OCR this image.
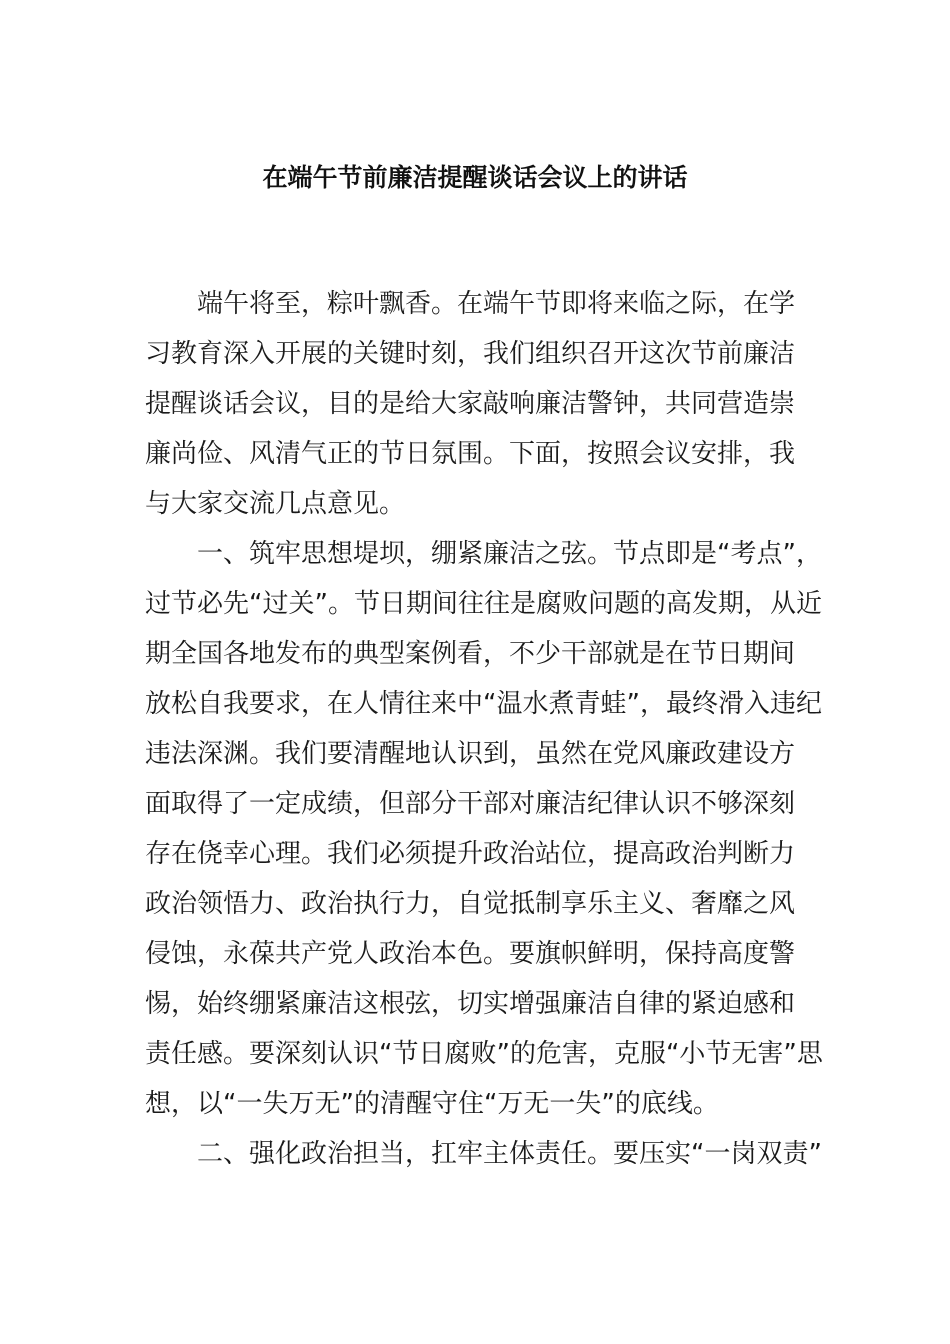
在端午节前廉洁提醒谈话会议上的讲话
端午将至，粽叶飘香。在端午节即将来临之际，在学
习教育深入开展的关键时刻，我们组织召开这次节前廉洁
提醒谈话会议，目的是给大家敲响廉洁警钟，共同营造崇
廉尚俭、风清气正的节日氛围。下面，按照会议安排，我
与大家交流几点意见。
一、筑牢思想堤坝，绷紧廉洁之弦。节点即是“考点”，
过节必先“过关”。节日期间往往是腐败问题的高发期，从近
期全国各地发布的典型案例看，不少干部就是在节日期间
放松自我要求，在人情往来中“温水煮青蛙”，最终滑入违纪
违法深渊。我们要清醒地认识到，虽然在党风廉政建设方
面取得了一定成绩，但部分干部对廉洁纪律认识不够深刻
存在侥幸心理。我们必须提升政治站位，提高政治判断力
政治领悟力、政治执行力，自觉抵制享乐主义、奢靡之风
侵蚀，永葆共产党人政治本色。要旗帜鲜明，保持高度警
惕，始终绷紧廉洁这根弦，切实增强廉洁自律的紧迫感和
责任感。要深刻认识“节日腐败”的危害，克服“小节无害”思
想，以“一失万无”的清醒守住“万无一失”的底线。
二、强化政治担当，扛牢主体责任。要压实“一岗双责”
